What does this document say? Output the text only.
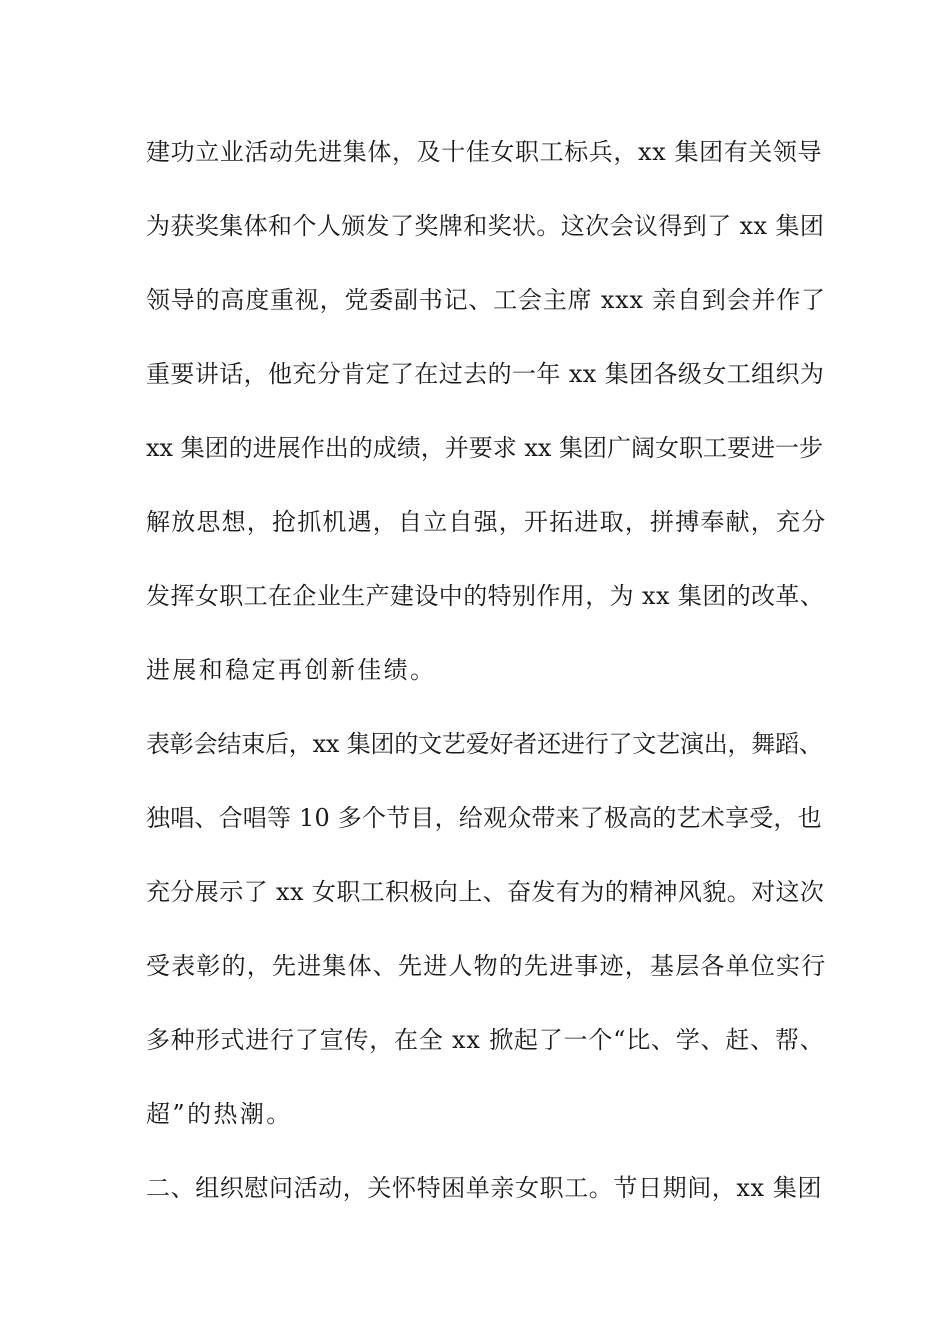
建功立业活动先进集体，及十佳女职工标兵，xx 集团有关领导
为获奖集体和个人颁发了奖牌和奖状。这次会议得到了 xx 集团
领导的高度重视，党委副书记、工会主席 xxx 亲自到会并作了
重要讲话，他充分肯定了在过去的一年 xx 集团各级女工组织为
xx 集团的进展作出的成绩，并要求 xx 集团广阔女职工要进一步
解放思想，抢抓机遇，自立自强，开拓进取，拼搏奉献，充分
发挥女职工在企业生产建设中的特别作用，为 xx 集团的改革、
进展和稳定再创新佳绩。
表彰会结束后，xx 集团的文艺爱好者还进行了文艺演出，舞蹈、
独唱、合唱等 10 多个节目，给观众带来了极高的艺术享受，也
充分展示了 xx 女职工积极向上、奋发有为的精神风貌。对这次
受表彰的，先进集体、先进人物的先进事迹，基层各单位实行
多种形式进行了宣传，在全 xx 掀起了一个“比、学、赶、帮、
超”的热潮。
二、组织慰问活动，关怀特困单亲女职工。节日期间，xx 集团
